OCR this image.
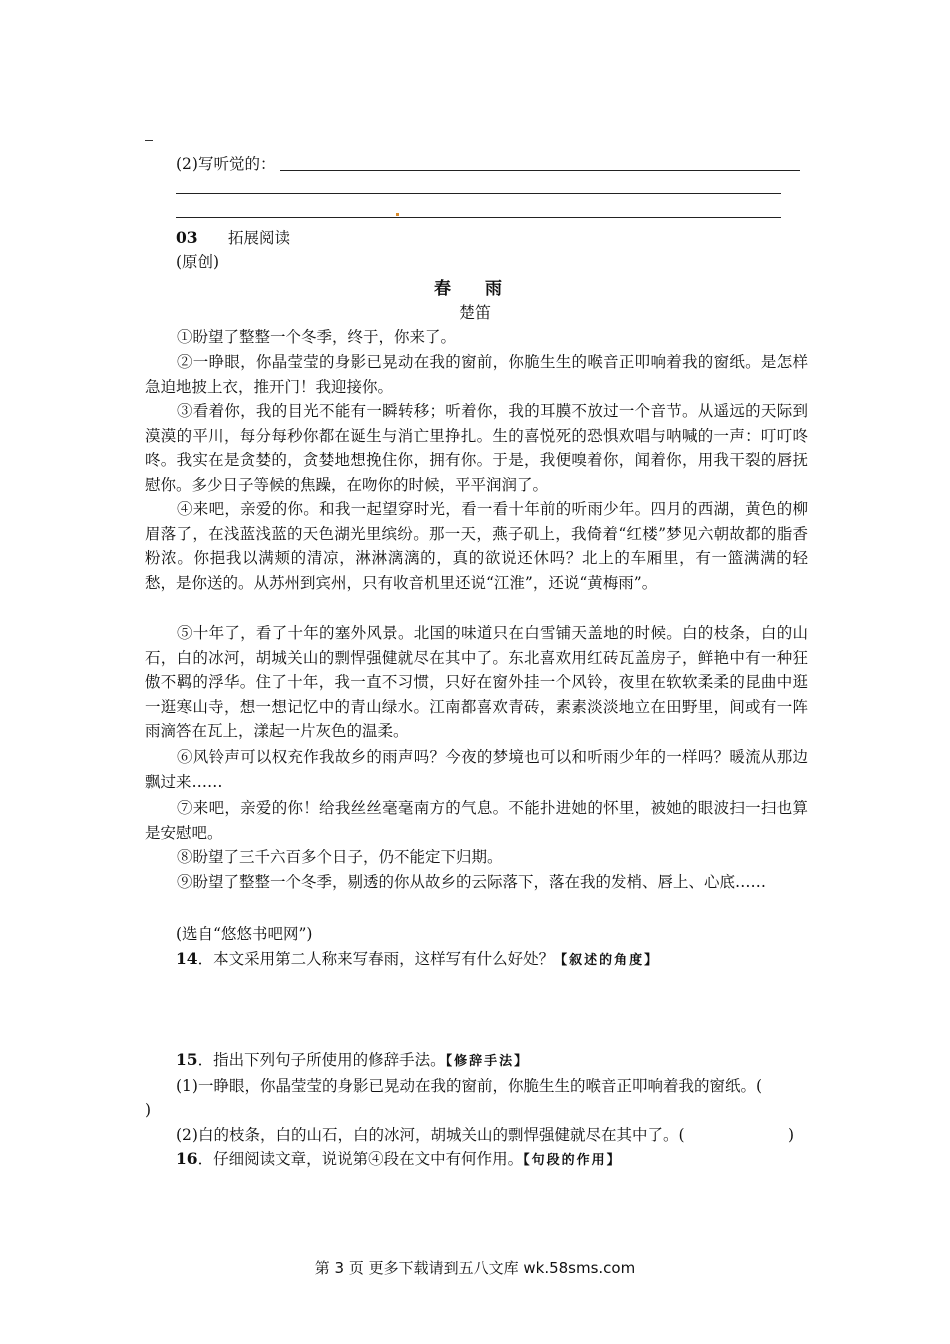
(2)写听觉的：
03 拓展阅读
(原创)
春 雨
楚笛
①盼望了整整一个冬季，终于，你来了。
②一睁眼，你晶莹莹的身影已晃动在我的窗前，你脆生生的喉音正叩响着我的窗纸。是怎样急迫地披上衣，推开门！我迎接你。
③看着你，我的目光不能有一瞬转移；听着你，我的耳膜不放过一个音节。从遥远的天际到漠漠的平川，每分每秒你都在诞生与消亡里挣扎。生的喜悦死的恐惧欢唱与呐喊的一声：叮叮咚咚。我实在是贪婪的，贪婪地想挽住你，拥有你。于是，我便嗅着你，闻着你，用我干裂的唇抚慰你。多少日子等候的焦躁，在吻你的时候，平平润润了。
④来吧，亲爱的你。和我一起望穿时光，看一看十年前的听雨少年。四月的西湖，黄色的柳眉落了，在浅蓝浅蓝的天色湖光里缤纷。那一天，燕子矶上，我倚着“红楼”梦见六朝故都的脂香粉浓。你挹我以满颊的清凉，淋淋漓漓的，真的欲说还休吗？北上的车厢里，有一篮满满的轻愁，是你送的。从苏州到宾州，只有收音机里还说“江淮”，还说“黄梅雨”。
⑤十年了，看了十年的塞外风景。北国的味道只在白雪铺天盖地的时候。白的枝条，白的山石，白的冰河，胡城关山的剽悍强健就尽在其中了。东北喜欢用红砖瓦盖房子，鲜艳中有一种狂傲不羁的浮华。住了十年，我一直不习惯，只好在窗外挂一个风铃，夜里在软软柔柔的昆曲中逛一逛寒山寺，想一想记忆中的青山绿水。江南都喜欢青砖，素素淡淡地立在田野里，间或有一阵雨滴答在瓦上，漾起一片灰色的温柔。
⑥风铃声可以权充作我故乡的雨声吗？今夜的梦境也可以和听雨少年的一样吗？暖流从那边飘过来……
⑦来吧，亲爱的你！给我丝丝毫毫南方的气息。不能扑进她的怀里，被她的眼波扫一扫也算是安慰吧。
⑧盼望了三千六百多个日子，仍不能定下归期。
⑨盼望了整整一个冬季，剔透的你从故乡的云际落下，落在我的发梢、唇上、心底……
(选自“悠悠书吧网”)
14．本文采用第二人称来写春雨，这样写有什么好处？【叙述的角度】
15．指出下列句子所使用的修辞手法。【修辞手法】
(1)一睁眼，你晶莹莹的身影已晃动在我的窗前，你脆生生的喉音正叩响着我的窗纸。(
)
(2)白的枝条，白的山石，白的冰河，胡城关山的剽悍强健就尽在其中了。(	)
16．仔细阅读文章，说说第④段在文中有何作用。【句段的作用】
第 3 页 更多下载请到五八文库 wk.58sms.com
